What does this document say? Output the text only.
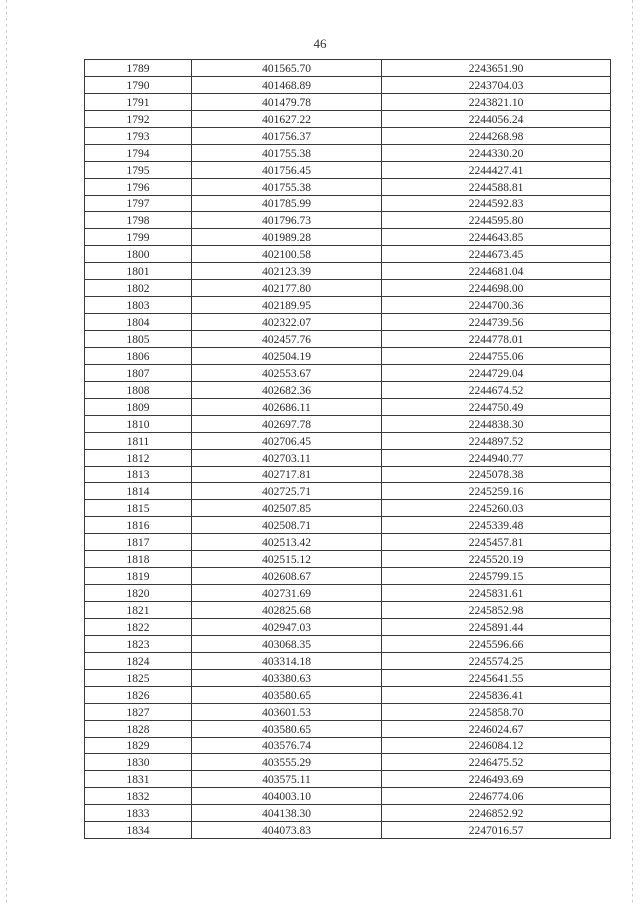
46
1789	401565.70	2243651.90
1790	401468.89	2243704.03
1791	401479.78	2243821.10
1792	401627.22	2244056.24
1793	401756.37	2244268.98
1794	401755.38	2244330.20
1795	401756.45	2244427.41
1796	401755.38	2244588.81
1797	401785.99	2244592.83
1798	401796.73	2244595.80
1799	401989.28	2244643.85
1800	402100.58	2244673.45
1801	402123.39	2244681.04
1802	402177.80	2244698.00
1803	402189.95	2244700.36
1804	402322.07	2244739.56
1805	402457.76	2244778.01
1806	402504.19	2244755.06
1807	402553.67	2244729.04
1808	402682.36	2244674.52
1809	402686.11	2244750.49
1810	402697.78	2244838.30
1811	402706.45	2244897.52
1812	402703.11	2244940.77
1813	402717.81	2245078.38
1814	402725.71	2245259.16
1815	402507.85	2245260.03
1816	402508.71	2245339.48
1817	402513.42	2245457.81
1818	402515.12	2245520.19
1819	402608.67	2245799.15
1820	402731.69	2245831.61
1821	402825.68	2245852.98
1822	402947.03	2245891.44
1823	403068.35	2245596.66
1824	403314.18	2245574.25
1825	403380.63	2245641.55
1826	403580.65	2245836.41
1827	403601.53	2245858.70
1828	403580.65	2246024.67
1829	403576.74	2246084.12
1830	403555.29	2246475.52
1831	403575.11	2246493.69
1832	404003.10	2246774.06
1833	404138.30	2246852.92
1834	404073.83	2247016.57
